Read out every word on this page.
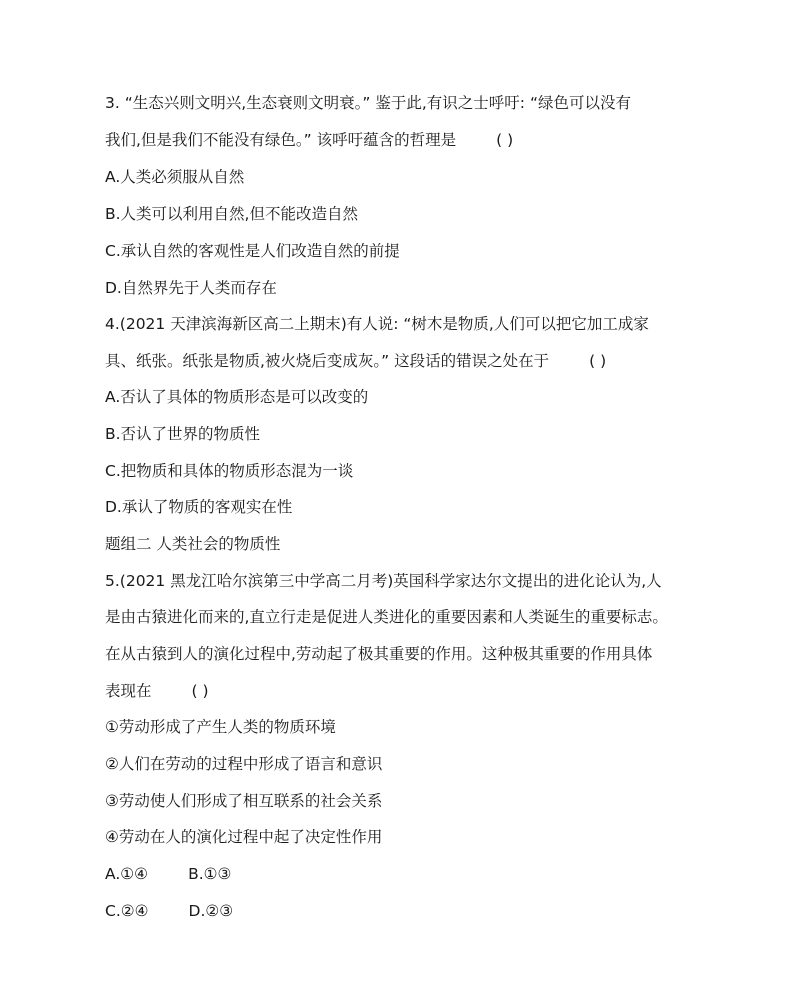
3. “生态兴则文明兴,生态衰则文明衰。” 鉴于此,有识之士呼吁: “绿色可以没有
我们,但是我们不能没有绿色。” 该呼吁蕴含的哲理是	( )
A.人类必须服从自然
B.人类可以利用自然,但不能改造自然
C.承认自然的客观性是人们改造自然的前提
D.自然界先于人类而存在
4.(2021 天津滨海新区高二上期末)有人说: “树木是物质,人们可以把它加工成家
具、纸张。纸张是物质,被火烧后变成灰。” 这段话的错误之处在于	( )
A.否认了具体的物质形态是可以改变的
B.否认了世界的物质性
C.把物质和具体的物质形态混为一谈
D.承认了物质的客观实在性
题组二 人类社会的物质性
5.(2021 黑龙江哈尔滨第三中学高二月考)英国科学家达尔文提出的进化论认为,人
是由古猿进化而来的,直立行走是促进人类进化的重要因素和人类诞生的重要标志。
在从古猿到人的演化过程中,劳动起了极其重要的作用。这种极其重要的作用具体
表现在	( )
①劳动形成了产生人类的物质环境
②人们在劳动的过程中形成了语言和意识
③劳动使人们形成了相互联系的社会关系
④劳动在人的演化过程中起了决定性作用
A.①④	B.①③
C.②④	D.②③
